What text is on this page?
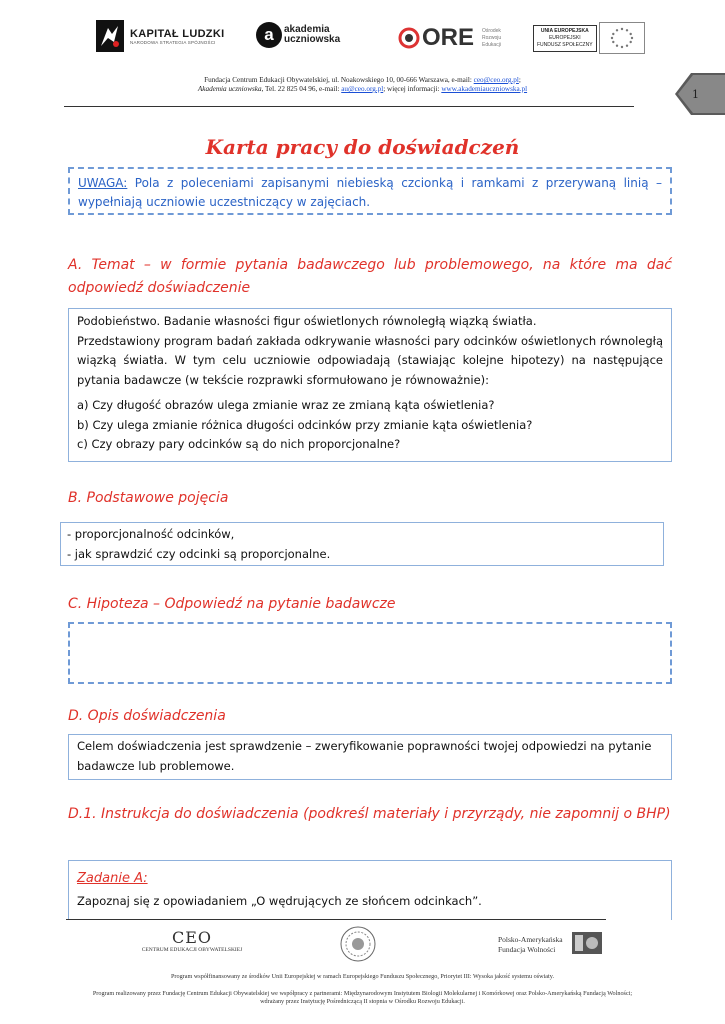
KAPITAŁ LUDZKI
NARODOWA STRATEGIA SPÓJNOŚCI	a	akademia
uczniowska	ORE Ośrodek
Rozwoju
Edukacji
UNIA EUROPEJSKA
EUROPEJSKI
FUNDUSZ SPOŁECZNY
Fundacja Centrum Edukacji Obywatelskiej, ul. Noakowskiego 10, 00-666 Warszawa, e-mail: ceo@ceo.org.pl;
Akademia uczniowska, Tel. 22 825 04 96, e-mail: au@ceo.org.pl; więcej informacji: www.akademiauczniowska.pl	1
Karta pracy do doświadczeń
UWAGA: Pola z poleceniami zapisanymi niebieską czcionką i ramkami z przerywaną linią – wypełniają uczniowie uczestniczący w zajęciach.
A. Temat – w formie pytania badawczego lub problemowego, na które ma dać odpowiedź doświadczenie
Podobieństwo. Badanie własności figur oświetlonych równoległą wiązką światła.
Przedstawiony program badań zakłada odkrywanie własności pary odcinków oświetlonych równoległą wiązką światła. W tym celu uczniowie odpowiadają (stawiając kolejne hipotezy) na następujące pytania badawcze (w tekście rozprawki sformułowano je równoważnie):
a) Czy długość obrazów ulega zmianie wraz ze zmianą kąta oświetlenia?
b) Czy ulega zmianie różnica długości odcinków przy zmianie kąta oświetlenia?
c) Czy obrazy pary odcinków są do nich proporcjonalne?
B. Podstawowe pojęcia
- proporcjonalność odcinków,
- jak sprawdzić czy odcinki są proporcjonalne.
C. Hipoteza – Odpowiedź na pytanie badawcze
D. Opis doświadczenia
Celem doświadczenia jest sprawdzenie – zweryfikowanie poprawności twojej odpowiedzi na pytanie badawcze lub problemowe.
D.1. Instrukcja do doświadczenia (podkreśl materiały i przyrządy, nie zapomnij o BHP)
Zadanie A:
Zapoznaj się z opowiadaniem „O wędrujących ze słońcem odcinkach”.
CEO
CENTRUM EDUKACJI OBYWATELSKIEJ
Polsko-Amerykańska
Fundacja Wolności
Program współfinansowany ze środków Unii Europejskiej w ramach Europejskiego Funduszu Społecznego, Priorytet III: Wysoka jakość systemu oświaty.
Program realizowany przez Fundację Centrum Edukacji Obywatelskiej we współpracy z partnerami: Międzynarodowym Instytutem Biologii Molekularnej i Komórkowej oraz Polsko-Amerykańską Fundacją Wolności;
wdrażany przez Instytucję Pośredniczącą II stopnia w Ośrodku Rozwoju Edukacji.
